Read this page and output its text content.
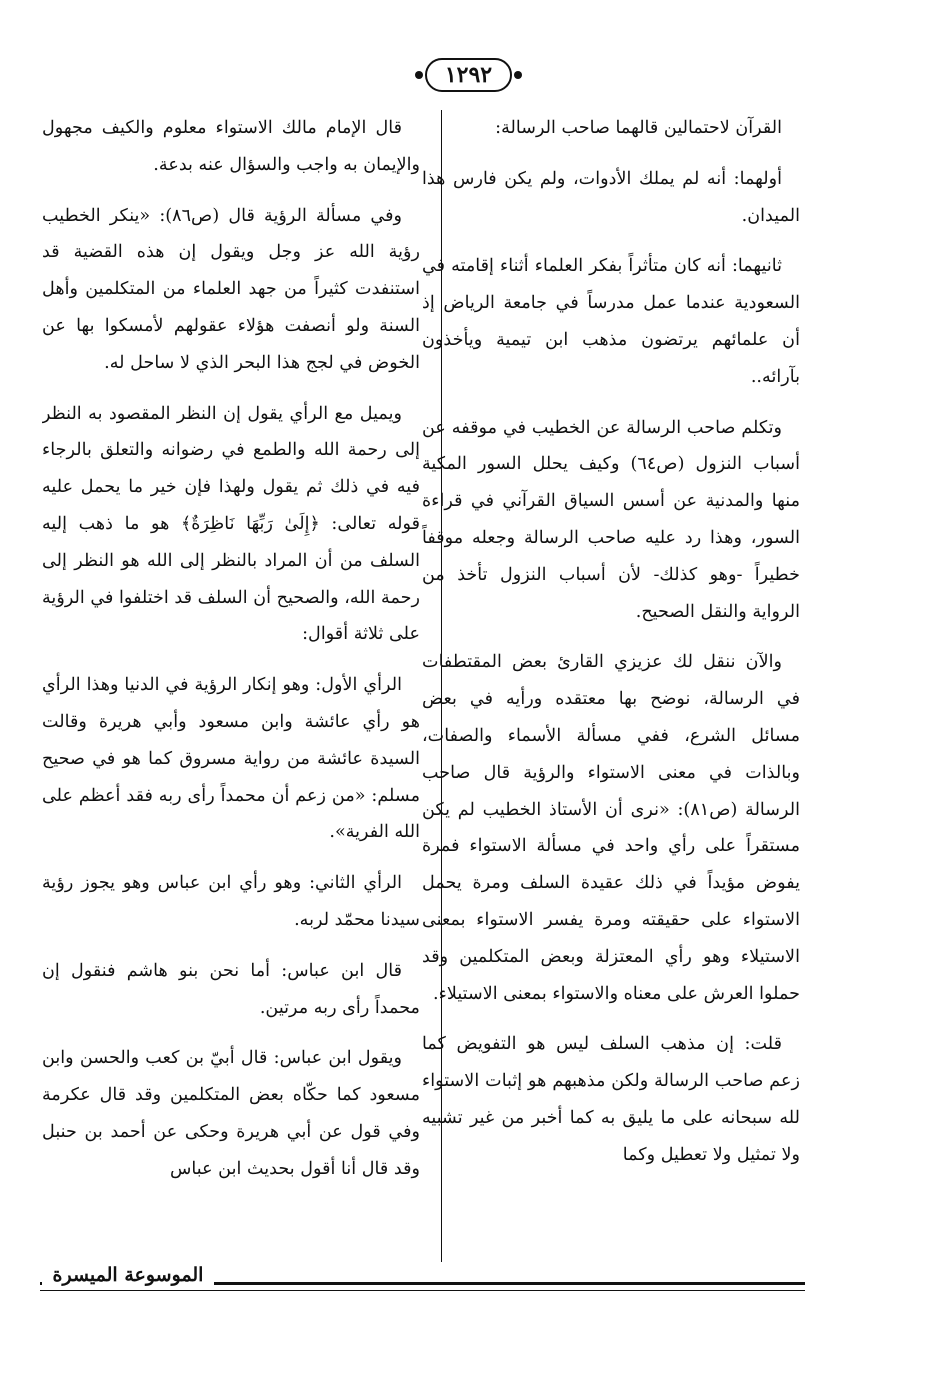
١٢٩٢

القرآن لاحتمالين قالهما صاحب الرسالة:

أولهما: أنه لم يملك الأدوات، ولم يكن فارس هذا الميدان.

ثانيهما: أنه كان متأثراً بفكر العلماء أثناء إقامته في السعودية عندما عمل مدرساً في جامعة الرياض إذ أن علمائهم يرتضون مذهب ابن تيمية ويأخذون بآرائه..

وتكلم صاحب الرسالة عن الخطيب في موقفه عن أسباب النزول (ص٦٤) وكيف يحلل السور المكية منها والمدنية عن أسس السياق القرآني في قراءة السور، وهذا رد عليه صاحب الرسالة وجعله موقفاً خطيراً -وهو كذلك- لأن أسباب النزول تأخذ من الرواية والنقل الصحيح.

والآن ننقل لك عزيزي القارئ بعض المقتطفات في الرسالة، نوضح بها معتقده ورأيه في بعض مسائل الشرع، ففي مسألة الأسماء والصفات، وبالذات في معنى الاستواء والرؤية قال صاحب الرسالة (ص٨١): «نرى أن الأستاذ الخطيب لم يكن مستقراً على رأي واحد في مسألة الاستواء فمرة يفوض مؤيداً في ذلك عقيدة السلف ومرة يحمل الاستواء على حقيقته ومرة يفسر الاستواء بمعنى الاستيلاء وهو رأي المعتزلة وبعض المتكلمين وقد حملوا العرش على معناه والاستواء بمعنى الاستيلاء.

قلت: إن مذهب السلف ليس هو التفويض كما زعم صاحب الرسالة ولكن مذهبهم هو إثبات الاستواء لله سبحانه على ما يليق به كما أخبر من غير تشبيه ولا تمثيل ولا تعطيل وكما

قال الإمام مالك الاستواء معلوم والكيف مجهول والإيمان به واجب والسؤال عنه بدعة.

وفي مسألة الرؤية قال (ص٨٦): «ينكر الخطيب رؤية الله عز وجل ويقول إن هذه القضية قد استنفدت كثيراً من جهد العلماء من المتكلمين وأهل السنة ولو أنصفت هؤلاء عقولهم لأمسكوا بها عن الخوض في لجج هذا البحر الذي لا ساحل له.

ويميل مع الرأي يقول إن النظر المقصود به النظر إلى رحمة الله والطمع في رضوانه والتعلق بالرجاء فيه في ذلك ثم يقول ولهذا فإن خير ما يحمل عليه قوله تعالى: ﴿إِلَىٰ رَبِّهَا نَاظِرَةٌ﴾ هو ما ذهب إليه السلف من أن المراد بالنظر إلى الله هو النظر إلى رحمة الله، والصحيح أن السلف قد اختلفوا في الرؤية على ثلاثة أقوال:

الرأي الأول: وهو إنكار الرؤية في الدنيا وهذا الرأي هو رأي عائشة وابن مسعود وأبي هريرة وقالت السيدة عائشة من رواية مسروق كما هو في صحيح مسلم: «من زعم أن محمداً رأى ربه فقد أعظم على الله الفرية».

الرأي الثاني: وهو رأي ابن عباس وهو يجوز رؤية سيدنا محمّد لربه.

قال ابن عباس: أما نحن بنو هاشم فنقول إن محمداً رأى ربه مرتين.

ويقول ابن عباس: قال أبيّ بن كعب والحسن وابن مسعود كما حكّاه بعض المتكلمين وقد قال عكرمة وفي قول عن أبي هريرة وحكى عن أحمد بن حنبل وقد قال أنا أقول بحديث ابن عباس

الموسوعة الميسرة
